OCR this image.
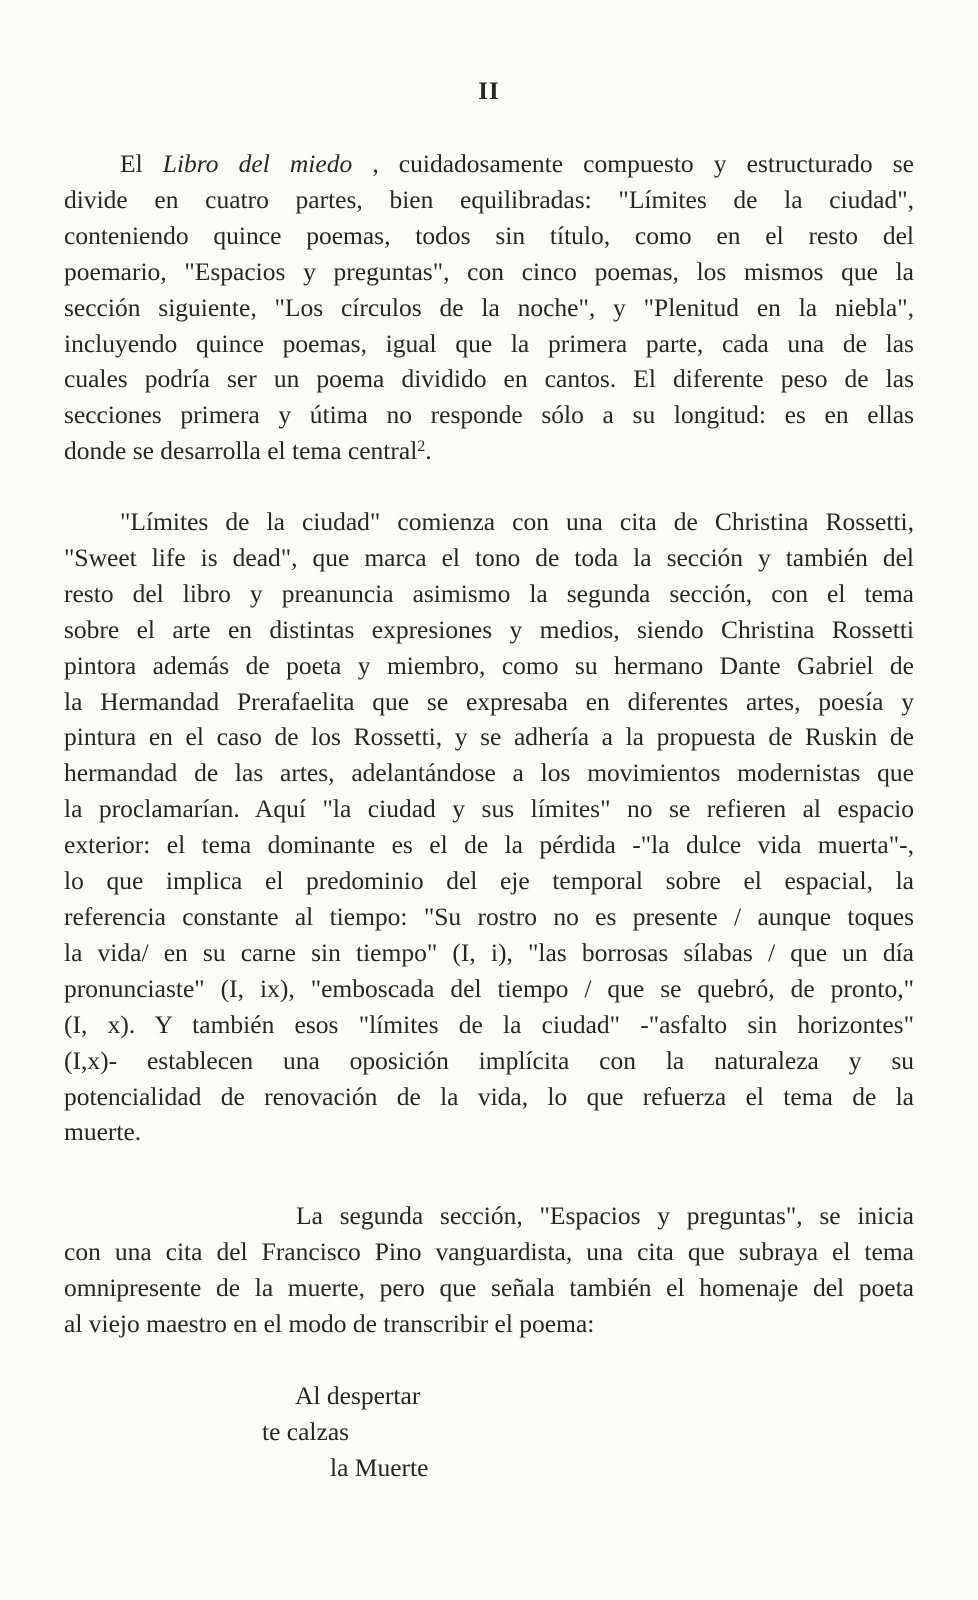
II

El Libro del miedo , cuidadosamente compuesto y estructurado se
divide en cuatro partes, bien equilibradas: "Límites de la ciudad",
conteniendo quince poemas, todos sin título, como en el resto del
poemario, "Espacios y preguntas", con cinco poemas, los mismos que la
sección siguiente, "Los círculos de la noche", y "Plenitud en la niebla",
incluyendo quince poemas, igual que la primera parte, cada una de las
cuales podría ser un poema dividido en cantos. El diferente peso de las
secciones primera y útima no responde sólo a su longitud: es en ellas
donde se desarrolla el tema central$^2$.

"Límites de la ciudad" comienza con una cita de Christina Rossetti,
"Sweet life is dead", que marca el tono de toda la sección y también del
resto del libro y preanuncia asimismo la segunda sección, con el tema
sobre el arte en distintas expresiones y medios, siendo Christina Rossetti
pintora además de poeta y miembro, como su hermano Dante Gabriel de
la Hermandad Prerafaelita que se expresaba en diferentes artes, poesía y
pintura en el caso de los Rossetti, y se adhería a la propuesta de Ruskin de
hermandad de las artes, adelantándose a los movimientos modernistas que
la proclamarían. Aquí "la ciudad y sus límites" no se refieren al espacio
exterior: el tema dominante es el de la pérdida -"la dulce vida muerta"-,
lo que implica el predominio del eje temporal sobre el espacial, la
referencia constante al tiempo: "Su rostro no es presente / aunque toques
la vida/ en su carne sin tiempo" (I, i), "las borrosas sílabas / que un día
pronunciaste" (I, ix), "emboscada del tiempo / que se quebró, de pronto,"
(I, x). Y también esos "límites de la ciudad" -"asfalto sin horizontes"
(I,x)- establecen una oposición implícita con la naturaleza y su
potencialidad de renovación de la vida, lo que refuerza el tema de la
muerte.

La segunda sección, "Espacios y preguntas", se inicia
con una cita del Francisco Pino vanguardista, una cita que subraya el tema
omnipresente de la muerte, pero que señala también el homenaje del poeta
al viejo maestro en el modo de transcribir el poema:

Al despertar
te calzas
la Muerte
